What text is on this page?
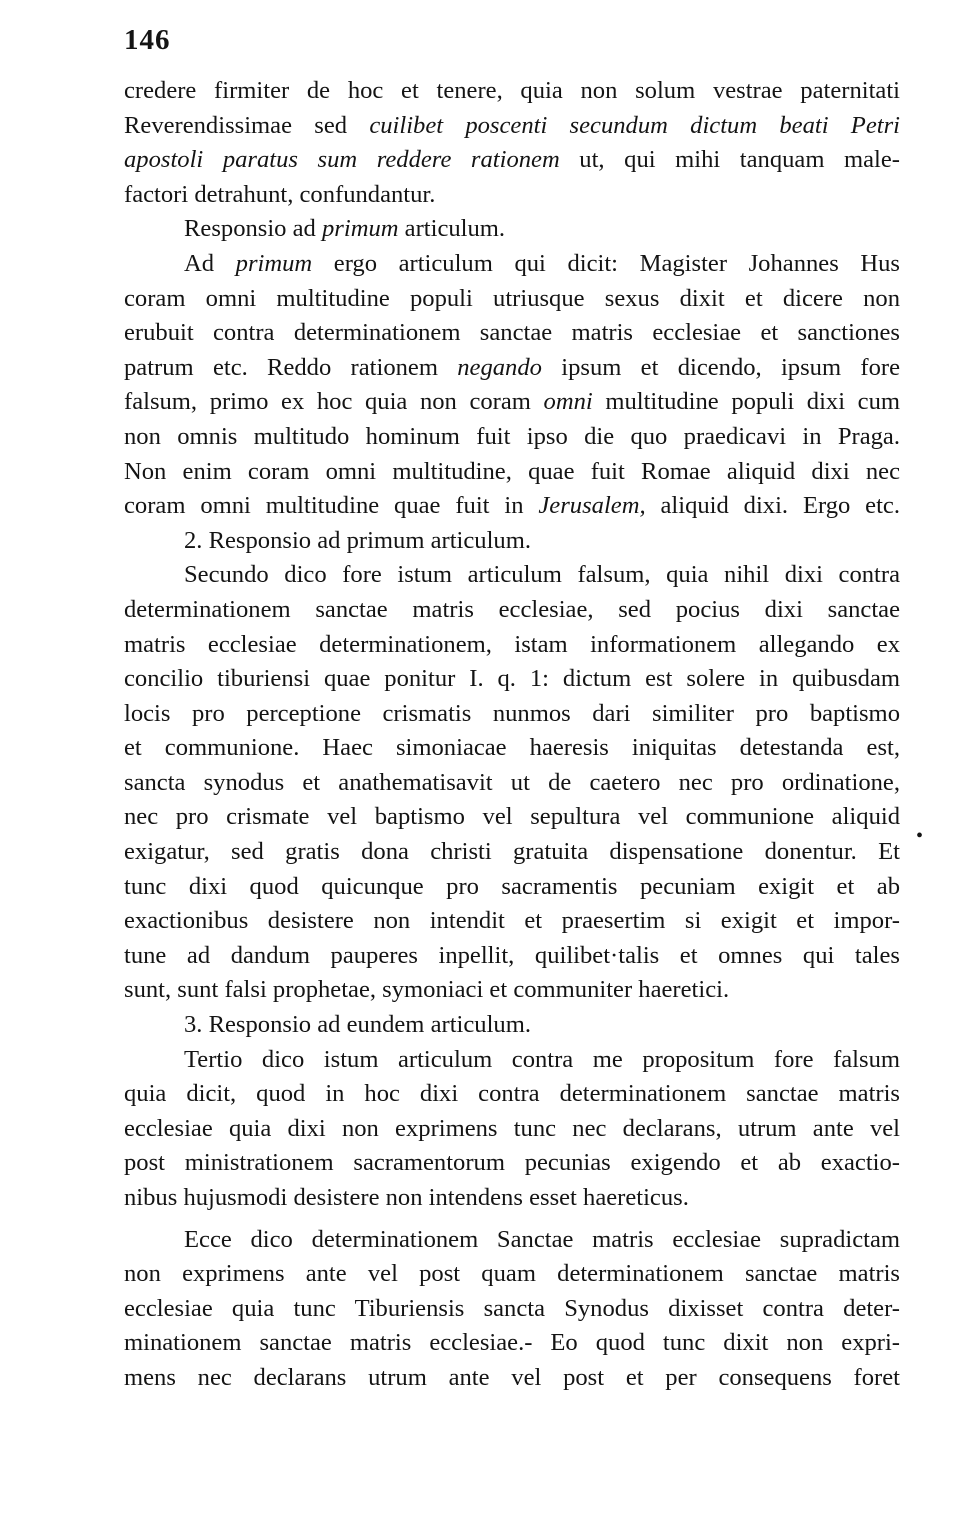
146
credere firmiter de hoc et tenere, quia non solum vestrae paternitati
Reverendissimae sed cuilibet poscenti secundum dictum beati Petri
apostoli paratus sum reddere rationem ut, qui mihi tanquam male-
factori detrahunt, confundantur.
Responsio ad primum articulum.
Ad primum ergo articulum qui dicit: Magister Johannes Hus
coram omni multitudine populi utriusque sexus dixit et dicere non
erubuit contra determinationem sanctae matris ecclesiae et sanctiones
patrum etc. Reddo rationem negando ipsum et dicendo, ipsum fore
falsum, primo ex hoc quia non coram omni multitudine populi dixi cum
non omnis multitudo hominum fuit ipso die quo praedicavi in Praga.
Non enim coram omni multitudine, quae fuit Romae aliquid dixi nec
coram omni multitudine quae fuit in Jerusalem, aliquid dixi. Ergo etc.
2. Responsio ad primum articulum.
Secundo dico fore istum articulum falsum, quia nihil dixi contra
determinationem sanctae matris ecclesiae, sed pocius dixi sanctae
matris ecclesiae determinationem, istam informationem allegando ex
concilio tiburiensi quae ponitur I. q. 1: dictum est solere in quibusdam
locis pro perceptione crismatis nunmos dari similiter pro baptismo
et communione. Haec simoniacae haeresis iniquitas detestanda est,
sancta synodus et anathematisavit ut de caetero nec pro ordinatione,
nec pro crismate vel baptismo vel sepultura vel communione aliquid
exigatur, sed gratis dona christi gratuita dispensatione donentur. Et
tunc dixi quod quicunque pro sacramentis pecuniam exigit et ab
exactionibus desistere non intendit et praesertim si exigit et impor-
tune ad dandum pauperes inpellit, quilibet·talis et omnes qui tales
sunt, sunt falsi prophetae, symoniaci et communiter haeretici.
3. Responsio ad eundem articulum.
Tertio dico istum articulum contra me propositum fore falsum
quia dicit, quod in hoc dixi contra determinationem sanctae matris
ecclesiae quia dixi non exprimens tunc nec declarans, utrum ante vel
post ministrationem sacramentorum pecunias exigendo et ab exactio-
nibus hujusmodi desistere non intendens esset haereticus.
Ecce dico determinationem Sanctae matris ecclesiae supradictam
non exprimens ante vel post quam determinationem sanctae matris
ecclesiae quia tunc Tiburiensis sancta Synodus dixisset contra deter-
minationem sanctae matris ecclesiae.- Eo quod tunc dixit non expri-
mens nec declarans utrum ante vel post et per consequens foret
•
